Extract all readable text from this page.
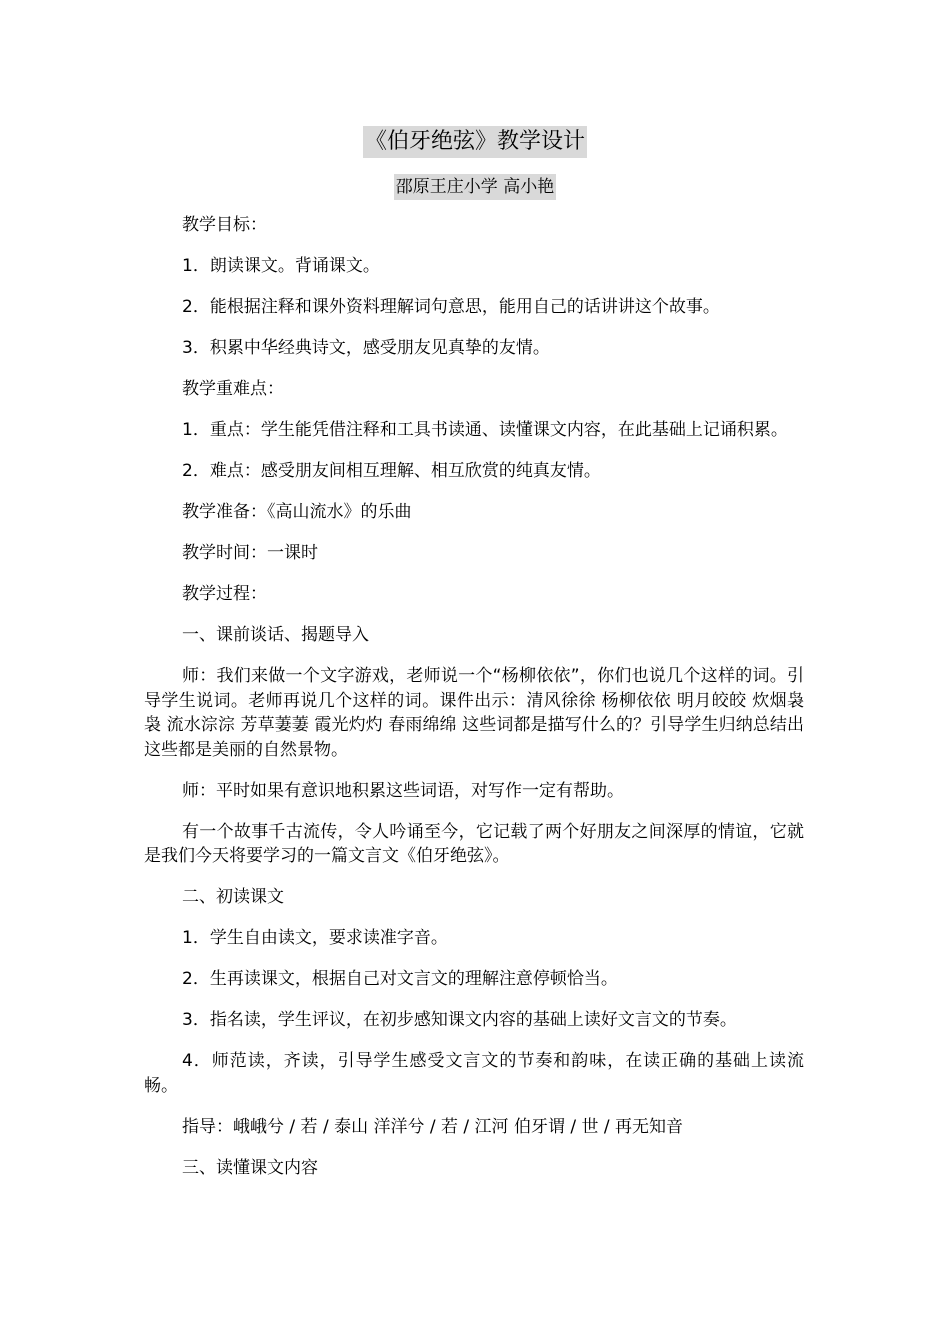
《伯牙绝弦》教学设计
邵原王庄小学 高小艳

教学目标：

1．朗读课文。背诵课文。

2．能根据注释和课外资料理解词句意思，能用自己的话讲讲这个故事。

3．积累中华经典诗文，感受朋友见真挚的友情。

教学重难点：

1．重点：学生能凭借注释和工具书读通、读懂课文内容，在此基础上记诵积累。

2．难点：感受朋友间相互理解、相互欣赏的纯真友情。

教学准备：《高山流水》的乐曲

教学时间：一课时

教学过程：

一、课前谈话、揭题导入

师：我们来做一个文字游戏，老师说一个“杨柳依依”，你们也说几个这样的词。引导学生说词。老师再说几个这样的词。课件出示：清风徐徐 杨柳依依 明月皎皎 炊烟袅袅 流水淙淙 芳草萋萋 霞光灼灼 春雨绵绵 这些词都是描写什么的？引导学生归纳总结出这些都是美丽的自然景物。

师：平时如果有意识地积累这些词语，对写作一定有帮助。

有一个故事千古流传，令人吟诵至今，它记载了两个好朋友之间深厚的情谊，它就是我们今天将要学习的一篇文言文《伯牙绝弦》。

二、初读课文

1．学生自由读文，要求读准字音。

2．生再读课文，根据自己对文言文的理解注意停顿恰当。

3．指名读，学生评议，在初步感知课文内容的基础上读好文言文的节奏。

4．师范读，齐读，引导学生感受文言文的节奏和韵味，在读正确的基础上读流畅。

指导：峨峨兮 / 若 / 泰山 洋洋兮 / 若 / 江河 伯牙谓 / 世 / 再无知音

三、读懂课文内容
